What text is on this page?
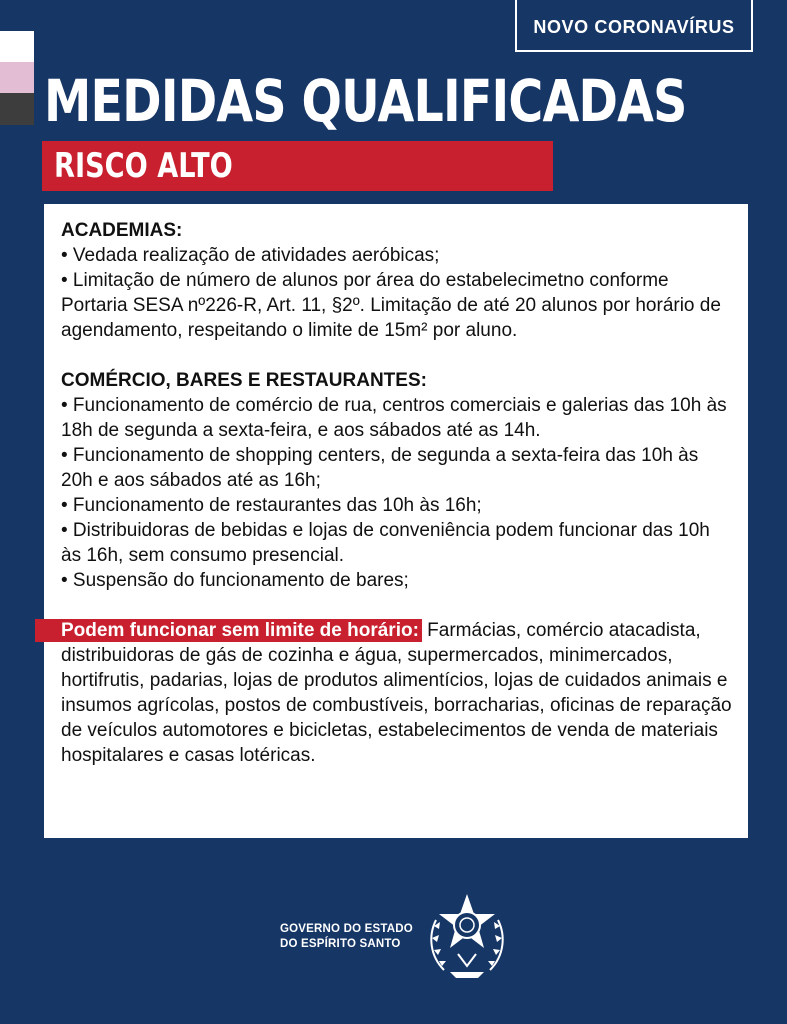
NOVO CORONAVÍRUS
MEDIDAS QUALIFICADAS
RISCO ALTO

ACADEMIAS:

• Vedada realização de atividades aeróbicas;

• Limitação de número de alunos por área do estabelecimetno conforme Portaria SESA nº226-R, Art. 11, §2º. Limitação de até 20 alunos por horário de agendamento, respeitando o limite de 15m² por aluno.

COMÉRCIO, BARES E RESTAURANTES:

• Funcionamento de comércio de rua, centros comerciais e galerias das 10h às 18h de segunda a sexta-feira, e aos sábados até as 14h.

• Funcionamento de shopping centers, de segunda a sexta-feira das 10h às 20h e aos sábados até as 16h;

• Funcionamento de restaurantes das 10h às 16h;

• Distribuidoras de bebidas e lojas de conveniência podem funcionar das 10h às 16h, sem consumo presencial.

• Suspensão do funcionamento de bares;

Podem funcionar sem limite de horário: Farmácias, comércio atacadista, distribuidoras de gás de cozinha e água, supermercados, minimercados, hortifrutis, padarias, lojas de produtos alimentícios, lojas de cuidados animais e insumos agrícolas, postos de combustíveis, borracharias, oficinas de reparação de veículos automotores e bicicletas, estabelecimentos de venda de materiais hospitalares e casas lotéricas.

GOVERNO DO ESTADO
DO ESPÍRITO SANTO
